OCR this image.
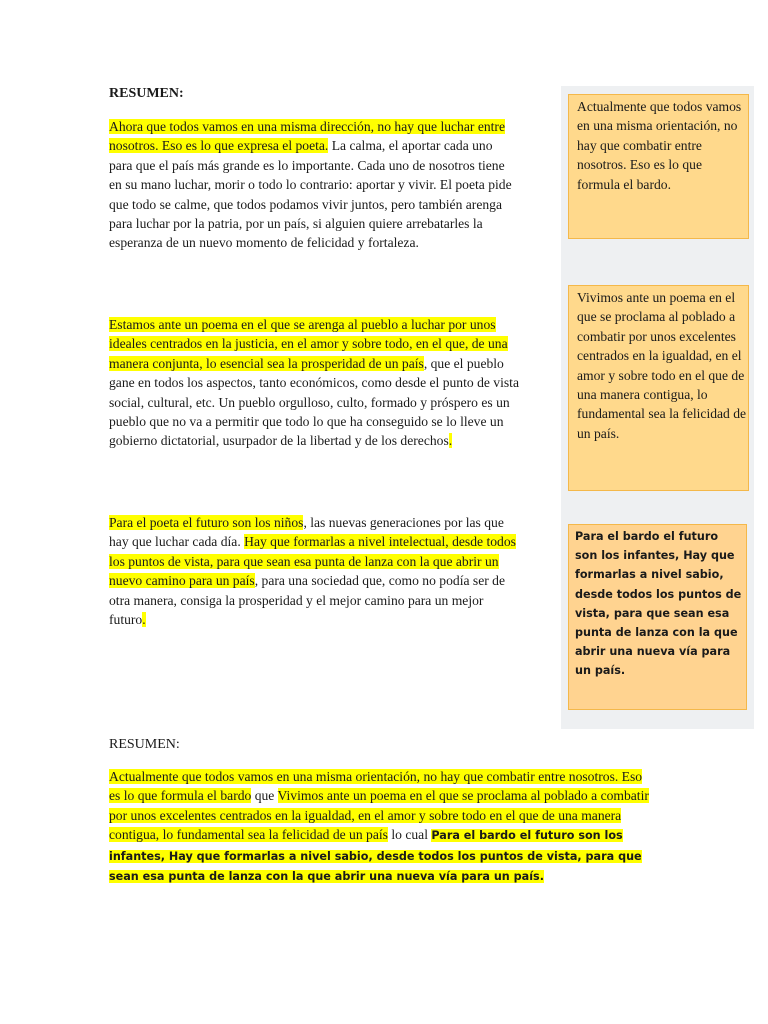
RESUMEN:
Ahora que todos vamos en una misma dirección, no hay que luchar entre nosotros. Eso es lo que expresa el poeta. La calma, el aportar cada uno para que el país más grande es lo importante. Cada uno de nosotros tiene en su mano luchar, morir o todo lo contrario: aportar y vivir. El poeta pide que todo se calme, que todos podamos vivir juntos, pero también arenga para luchar por la patria, por un país, si alguien quiere arrebatarles la esperanza de un nuevo momento de felicidad y fortaleza.
Estamos ante un poema en el que se arenga al pueblo a luchar por unos ideales centrados en la justicia, en el amor y sobre todo, en el que, de una manera conjunta, lo esencial sea la prosperidad de un país, que el pueblo gane en todos los aspectos, tanto económicos, como desde el punto de vista social, cultural, etc. Un pueblo orgulloso, culto, formado y próspero es un pueblo que no va a permitir que todo lo que ha conseguido se lo lleve un gobierno dictatorial, usurpador de la libertad y de los derechos.
Para el poeta el futuro son los niños, las nuevas generaciones por las que hay que luchar cada día. Hay que formarlas a nivel intelectual, desde todos los puntos de vista, para que sean esa punta de lanza con la que abrir un nuevo camino para un país, para una sociedad que, como no podía ser de otra manera, consiga la prosperidad y el mejor camino para un mejor futuro.
Actualmente que todos vamos en una misma orientación, no hay que combatir entre nosotros. Eso es lo que formula el bardo.
Vivimos ante un poema en el que se proclama al poblado a combatir por unos excelentes centrados en la igualdad, en el amor y sobre todo en el que de una manera contigua, lo fundamental sea la felicidad de un país.
Para el bardo el futuro son los infantes, Hay que formarlas a nivel sabio, desde todos los puntos de vista, para que sean esa punta de lanza con la que abrir una nueva vía para un país.
RESUMEN:
Actualmente que todos vamos en una misma orientación, no hay que combatir entre nosotros. Eso es lo que formula el bardo que Vivimos ante un poema en el que se proclama al poblado a combatir por unos excelentes centrados en la igualdad, en el amor y sobre todo en el que de una manera contigua, lo fundamental sea la felicidad de un país lo cual Para el bardo el futuro son los infantes, Hay que formarlas a nivel sabio, desde todos los puntos de vista, para que sean esa punta de lanza con la que abrir una nueva vía para un país.
